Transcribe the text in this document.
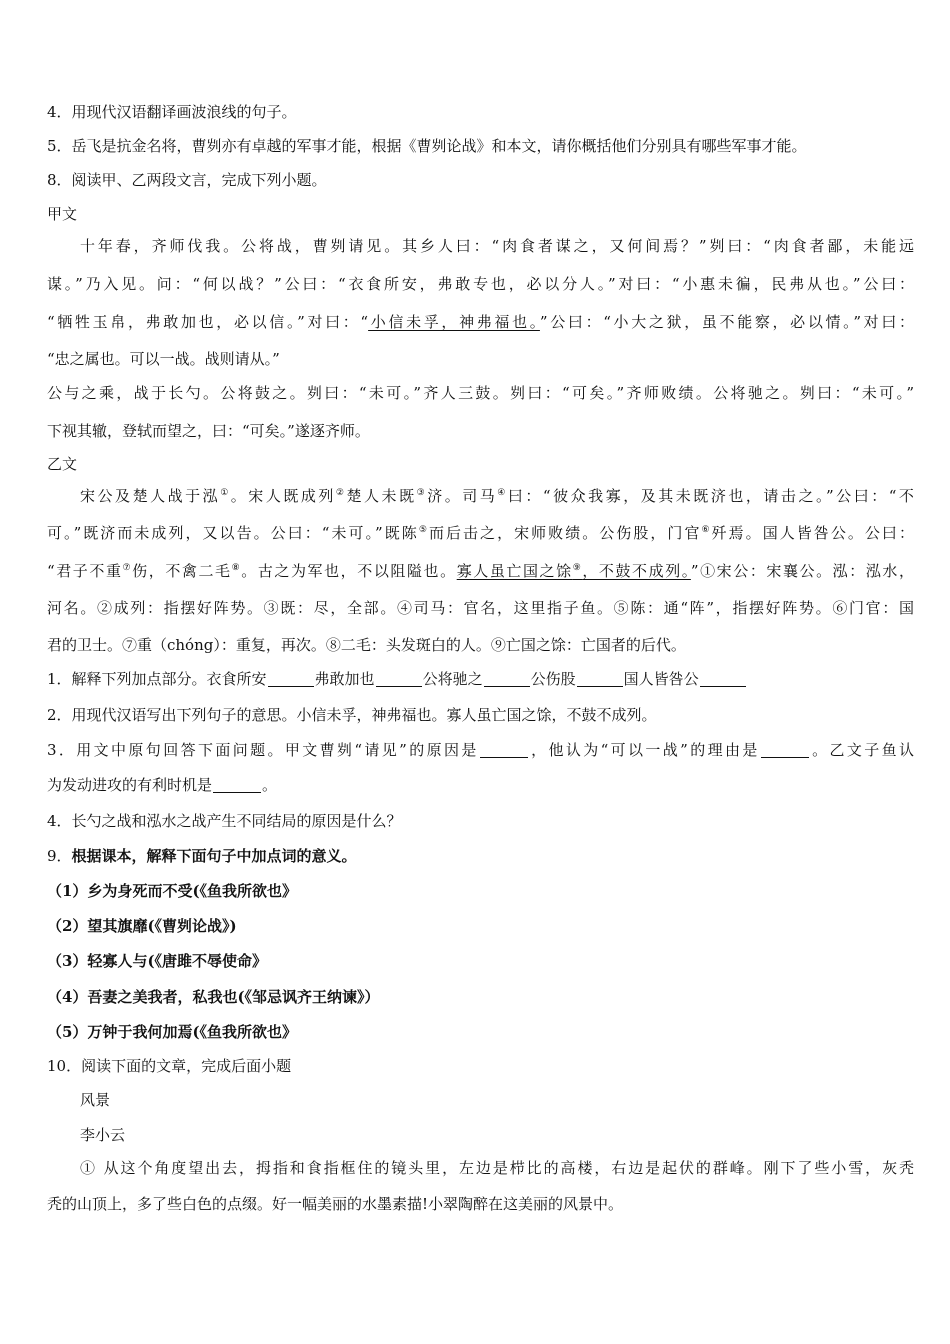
4．用现代汉语翻译画波浪线的句子。
5．岳飞是抗金名将，曹刿亦有卓越的军事才能，根据《曹刿论战》和本文，请你概括他们分别具有哪些军事才能。
8．阅读甲、乙两段文言，完成下列小题。
甲文
十年春，齐师伐我。公将战，曹刿请见。其乡人曰：“肉食者谋之，又何间焉？”刿曰：“肉食者鄙，未能远
谋。”乃入见。问：“何以战？”公曰：“衣食所安，弗敢专也，必以分人。”对曰：“小惠未徧，民弗从也。”公曰：
“牺牲玉帛，弗敢加也，必以信。”对曰：“小信未孚，神弗福也。”公曰：“小大之狱，虽不能察，必以情。”对曰：
“忠之属也。可以一战。战则请从。”
公与之乘，战于长勺。公将鼓之。刿曰：“未可。”齐人三鼓。刿曰：“可矣。”齐师败绩。公将驰之。刿曰：“未可。”
下视其辙，登轼而望之，曰：“可矣。”遂逐齐师。
乙文
宋公及楚人战于泓①。宋人既成列②楚人未既③济。司马④曰：“彼众我寡，及其未既济也，请击之。”公曰：“不
可。”既济而未成列，又以告。公曰：“未可。”既陈⑤而后击之，宋师败绩。公伤股，门官⑥歼焉。国人皆咎公。公曰：
“君子不重⑦伤，不禽二毛⑧。古之为军也，不以阻隘也。寡人虽亡国之馀⑨，不鼓不成列。”①宋公：宋襄公。泓：泓水，
河名。②成列：指摆好阵势。③既：尽，全部。④司马：官名，这里指子鱼。⑤陈：通“阵”，指摆好阵势。⑥门官：国
君的卫士。⑦重（chóng）：重复，再次。⑧二毛：头发斑白的人。⑨亡国之馀：亡国者的后代。
1．解释下列加点部分。衣食所安	弗敢加也	公将驰之	公伤股	国人皆咎公
2．用现代汉语写出下列句子的意思。小信未孚，神弗福也。寡人虽亡国之馀，不鼓不成列。
3．用文中原句回答下面问题。甲文曹刿“请见”的原因是	，他认为“可以一战”的理由是	。乙文子鱼认
为发动进攻的有利时机是	。
4．长勺之战和泓水之战产生不同结局的原因是什么？
9．根据课本，解释下面句子中加点词的意义。
（1）乡为身死而不受(《鱼我所欲也》
（2）望其旗靡(《曹刿论战》)
（3）轻寡人与(《唐雎不辱使命》
（4）吾妻之美我者，私我也(《邹忌讽齐王纳谏》）
（5）万钟于我何加焉(《鱼我所欲也》
10．阅读下面的文章，完成后面小题
风景
李小云
① 从这个角度望出去，拇指和食指框住的镜头里，左边是栉比的高楼，右边是起伏的群峰。刚下了些小雪，灰秃
秃的山顶上，多了些白色的点缀。好一幅美丽的水墨素描!小翠陶醉在这美丽的风景中。
